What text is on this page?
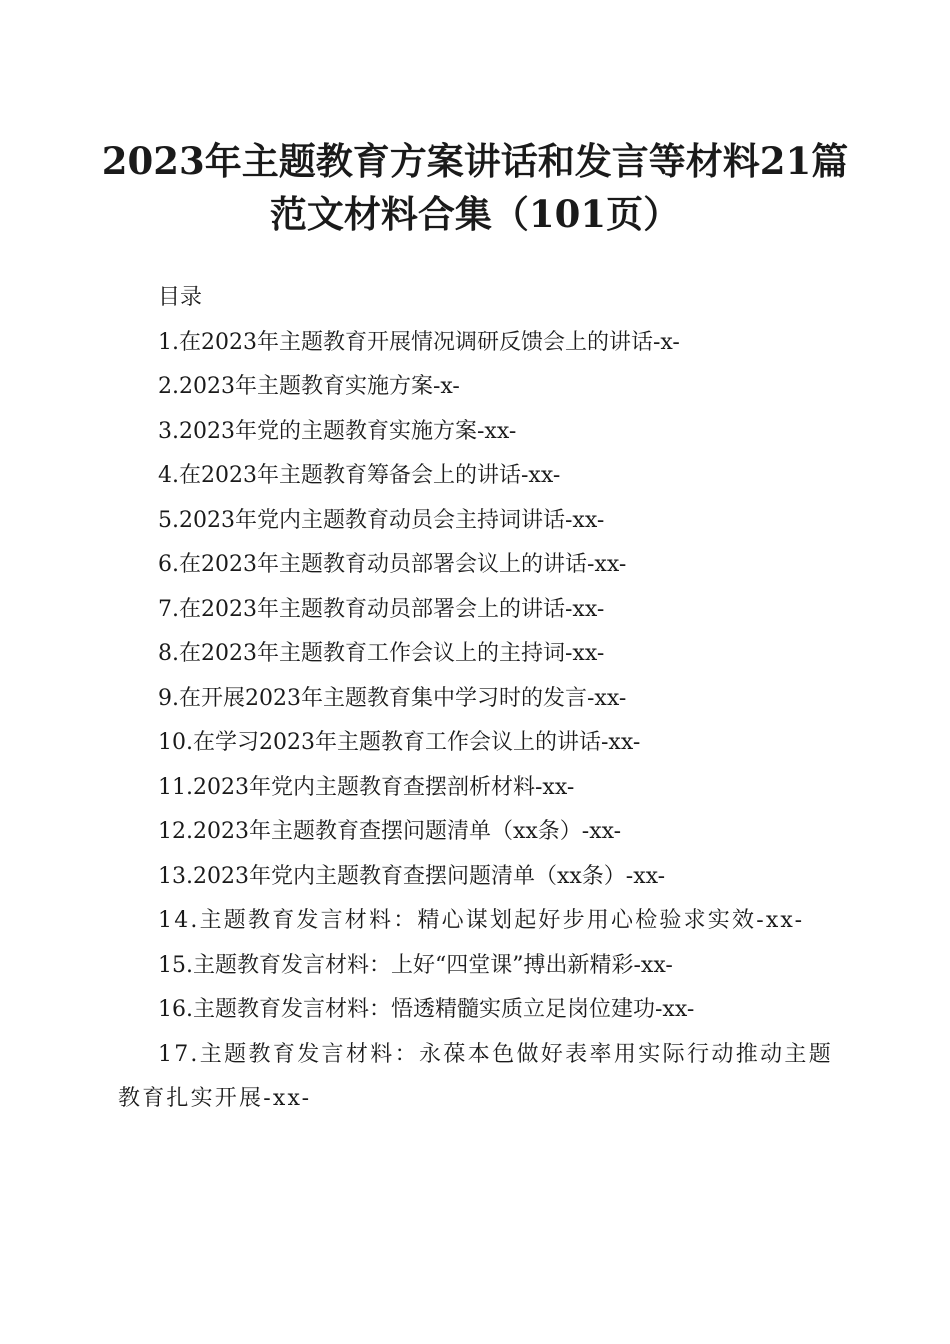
2023年主题教育方案讲话和发言等材料21篇
范文材料合集（101页）
目录
1.在2023年主题教育开展情况调研反馈会上的讲话-x-
2.2023年主题教育实施方案-x-
3.2023年党的主题教育实施方案-xx-
4.在2023年主题教育筹备会上的讲话-xx-
5.2023年党内主题教育动员会主持词讲话-xx-
6.在2023年主题教育动员部署会议上的讲话-xx-
7.在2023年主题教育动员部署会上的讲话-xx-
8.在2023年主题教育工作会议上的主持词-xx-
9.在开展2023年主题教育集中学习时的发言-xx-
10.在学习2023年主题教育工作会议上的讲话-xx-
11.2023年党内主题教育查摆剖析材料-xx-
12.2023年主题教育查摆问题清单（xx条）-xx-
13.2023年党内主题教育查摆问题清单（xx条）-xx-
14.主题教育发言材料：精心谋划起好步用心检验求实效-xx-
15.主题教育发言材料：上好“四堂课”搏出新精彩-xx-
16.主题教育发言材料：悟透精髓实质立足岗位建功-xx-
17.主题教育发言材料：永葆本色做好表率用实际行动推动主题教育扎实开展-xx-
